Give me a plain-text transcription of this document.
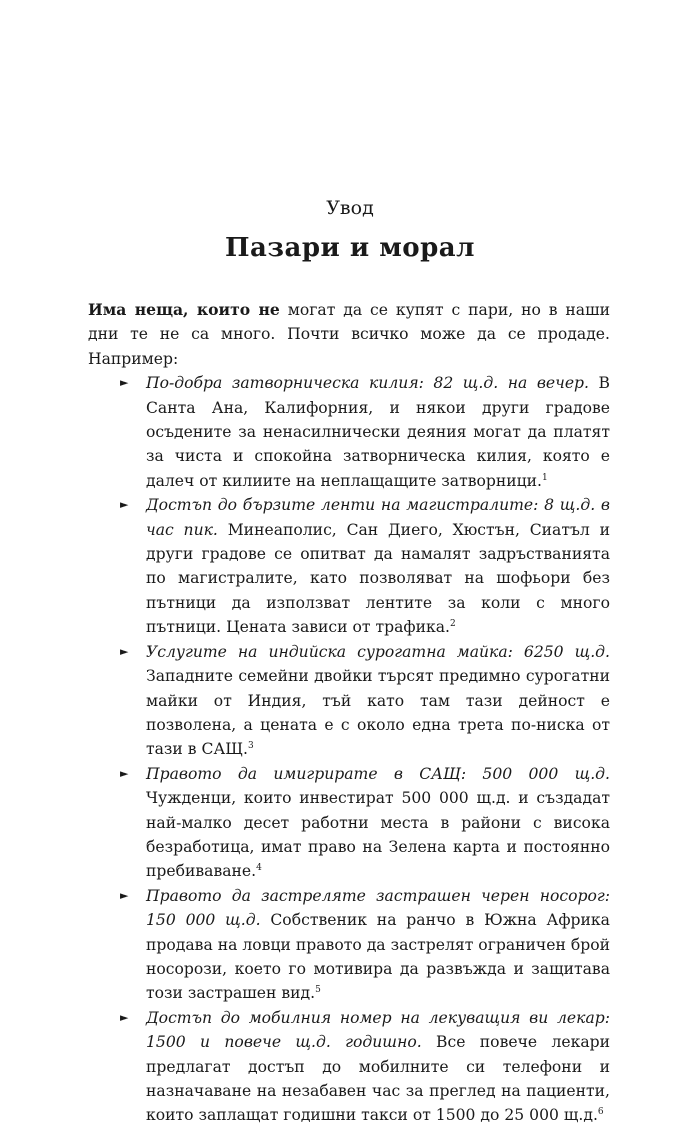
Увод
Пазари и морал

Има неща, които не могат да се купят с пари, но в наши дни те не са много. Почти всичко може да се продаде. Например:

► По-добра затворническа килия: 82 щ.д. на вечер. В Санта Ана, Калифорния, и някои други градове осъдените за ненасилнически деяния могат да платят за чиста и спокойна затворническа килия, която е далеч от килиите на неплащащите затворници.$^1$
► Достъп до бързите ленти на магистралите: 8 щ.д. в час пик. Минеаполис, Сан Диего, Хюстън, Сиатъл и други градове се опитват да намалят задръстванията по магистралите, като позволяват на шофьори без пътници да използват лентите за коли с много пътници. Цената зависи от трафика.$^2$
► Услугите на индийска сурогатна майка: 6250 щ.д. Западните семейни двойки търсят предимно сурогатни майки от Индия, тъй като там тази дейност е позволена, а цената е с около една трета по-ниска от тази в САЩ.$^3$
► Правото да имигрирате в САЩ: 500 000 щ.д. Чужденци, които инвестират 500 000 щ.д. и създадат най-малко десет работни места в райони с висока безработица, имат право на Зелена карта и постоянно пребиваване.$^4$
► Правото да застреляте застрашен черен носорог: 150 000 щ.д. Собственик на ранчо в Южна Африка продава на ловци правото да застрелят ограничен брой носорози, което го мотивира да развъжда и защитава този застрашен вид.$^5$
► Достъп до мобилния номер на лекуващия ви лекар: 1500 и повече щ.д. годишно. Все повече лекари предлагат достъп до мобилните си телефони и назначаване на незабавен час за преглед на пациенти, които заплащат годишни такси от 1500 до 25 000 щ.д.$^6$
